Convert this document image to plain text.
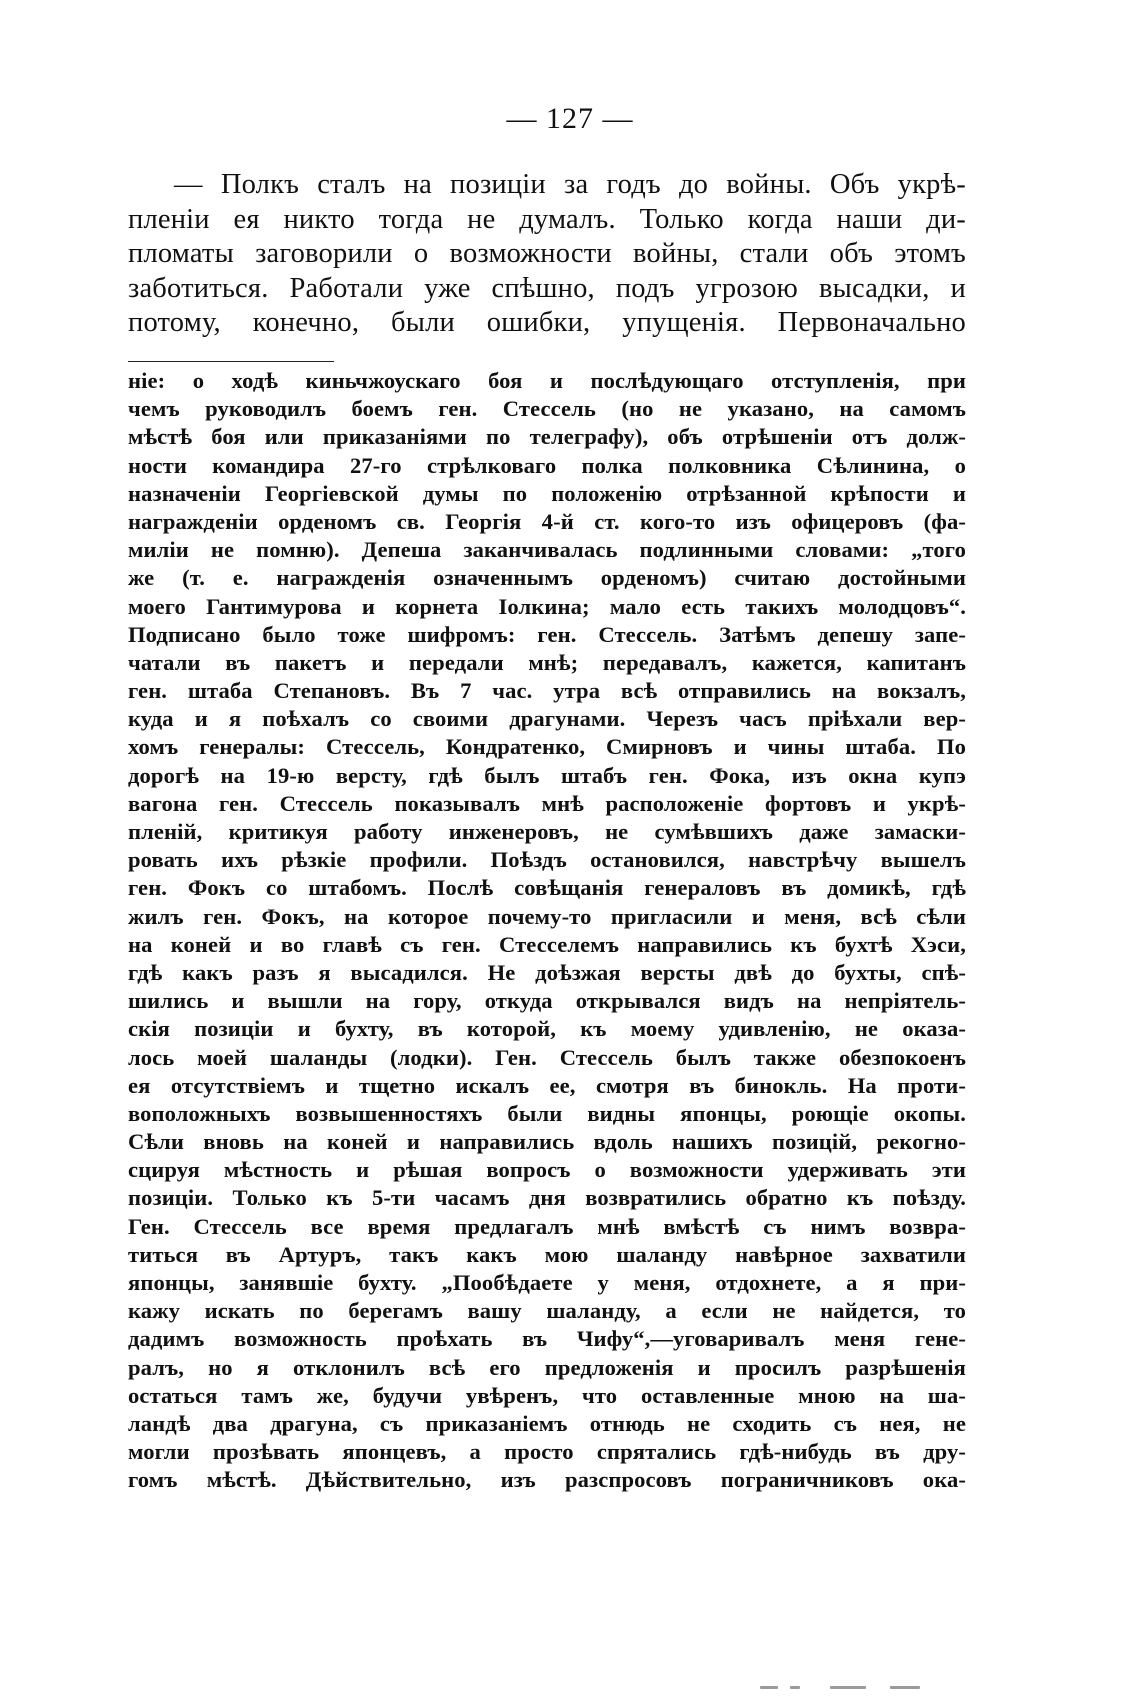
— 127 —
— Полкъ сталъ на позиціи за годъ до войны. Объ укрѣ-
пленіи ея никто тогда не думалъ. Только когда наши ди-
пломаты заговорили о возможности войны, стали объ этомъ
заботиться. Работали уже спѣшно, подъ угрозою высадки, и
потому, конечно, были ошибки, упущенія. Первоначально
ніе: о ходѣ киньчжоускаго боя и послѣдующаго отступленія, при
чемъ руководилъ боемъ ген. Стессель (но не указано, на самомъ
мѣстѣ боя или приказаніями по телеграфу), объ отрѣшеніи отъ долж-
ности командира 27-го стрѣлковаго полка полковника Сѣлинина, о
назначеніи Георгіевской думы по положенію отрѣзанной крѣпости и
награжденіи орденомъ св. Георгія 4-й ст. кого-то изъ офицеровъ (фа-
миліи не помню). Депеша заканчивалась подлинными словами: „того
же (т. е. награжденія означеннымъ орденомъ) считаю достойными
моего Гантимурова и корнета Іолкина; мало есть такихъ молодцовъ“.
Подписано было тоже шифромъ: ген. Стессель. Затѣмъ депешу запе-
чатали въ пакетъ и передали мнѣ; передавалъ, кажется, капитанъ
ген. штаба Степановъ. Въ 7 час. утра всѣ отправились на вокзалъ,
куда и я поѣхалъ со своими драгунами. Черезъ часъ пріѣхали вер-
хомъ генералы: Стессель, Кондратенко, Смирновъ и чины штаба. По
дорогѣ на 19-ю версту, гдѣ былъ штабъ ген. Фока, изъ окна купэ
вагона ген. Стессель показывалъ мнѣ расположеніе фортовъ и укрѣ-
пленій, критикуя работу инженеровъ, не сумѣвшихъ даже замаски-
ровать ихъ рѣзкіе профили. Поѣздъ остановился, навстрѣчу вышелъ
ген. Фокъ со штабомъ. Послѣ совѣщанія генераловъ въ домикѣ, гдѣ
жилъ ген. Фокъ, на которое почему-то пригласили и меня, всѣ сѣли
на коней и во главѣ съ ген. Стесселемъ направились къ бухтѣ Хэси,
гдѣ какъ разъ я высадился. Не доѣзжая версты двѣ до бухты, спѣ-
шились и вышли на гору, откуда открывался видъ на непріятель-
скія позиціи и бухту, въ которой, къ моему удивленію, не оказа-
лось моей шаланды (лодки). Ген. Стессель былъ также обезпокоенъ
ея отсутствіемъ и тщетно искалъ ее, смотря въ бинокль. На проти-
воположныхъ возвышенностяхъ были видны японцы, роющіе окопы.
Сѣли вновь на коней и направились вдоль нашихъ позицій, рекогно-
сцируя мѣстность и рѣшая вопросъ о возможности удерживать эти
позиціи. Только къ 5-ти часамъ дня возвратились обратно къ поѣзду.
Ген. Стессель все время предлагалъ мнѣ вмѣстѣ съ нимъ возвра-
титься въ Артуръ, такъ какъ мою шаланду навѣрное захватили
японцы, занявшіе бухту. „Пообѣдаете у меня, отдохнете, а я при-
кажу искать по берегамъ вашу шаланду, а если не найдется, то
дадимъ возможность проѣхать въ Чифу“,—уговаривалъ меня генe-
ралъ, но я отклонилъ всѣ его предложенія и просилъ разрѣшенія
остаться тамъ же, будучи увѣренъ, что оставленные мною на ша-
ландѣ два драгуна, съ приказаніемъ отнюдь не сходить съ нея, не
могли прозѣвать японцевъ, а просто спрятались гдѣ-нибудь въ дру-
гомъ мѣстѣ. Дѣйствительно, изъ разспросовъ пограничниковъ ока-
